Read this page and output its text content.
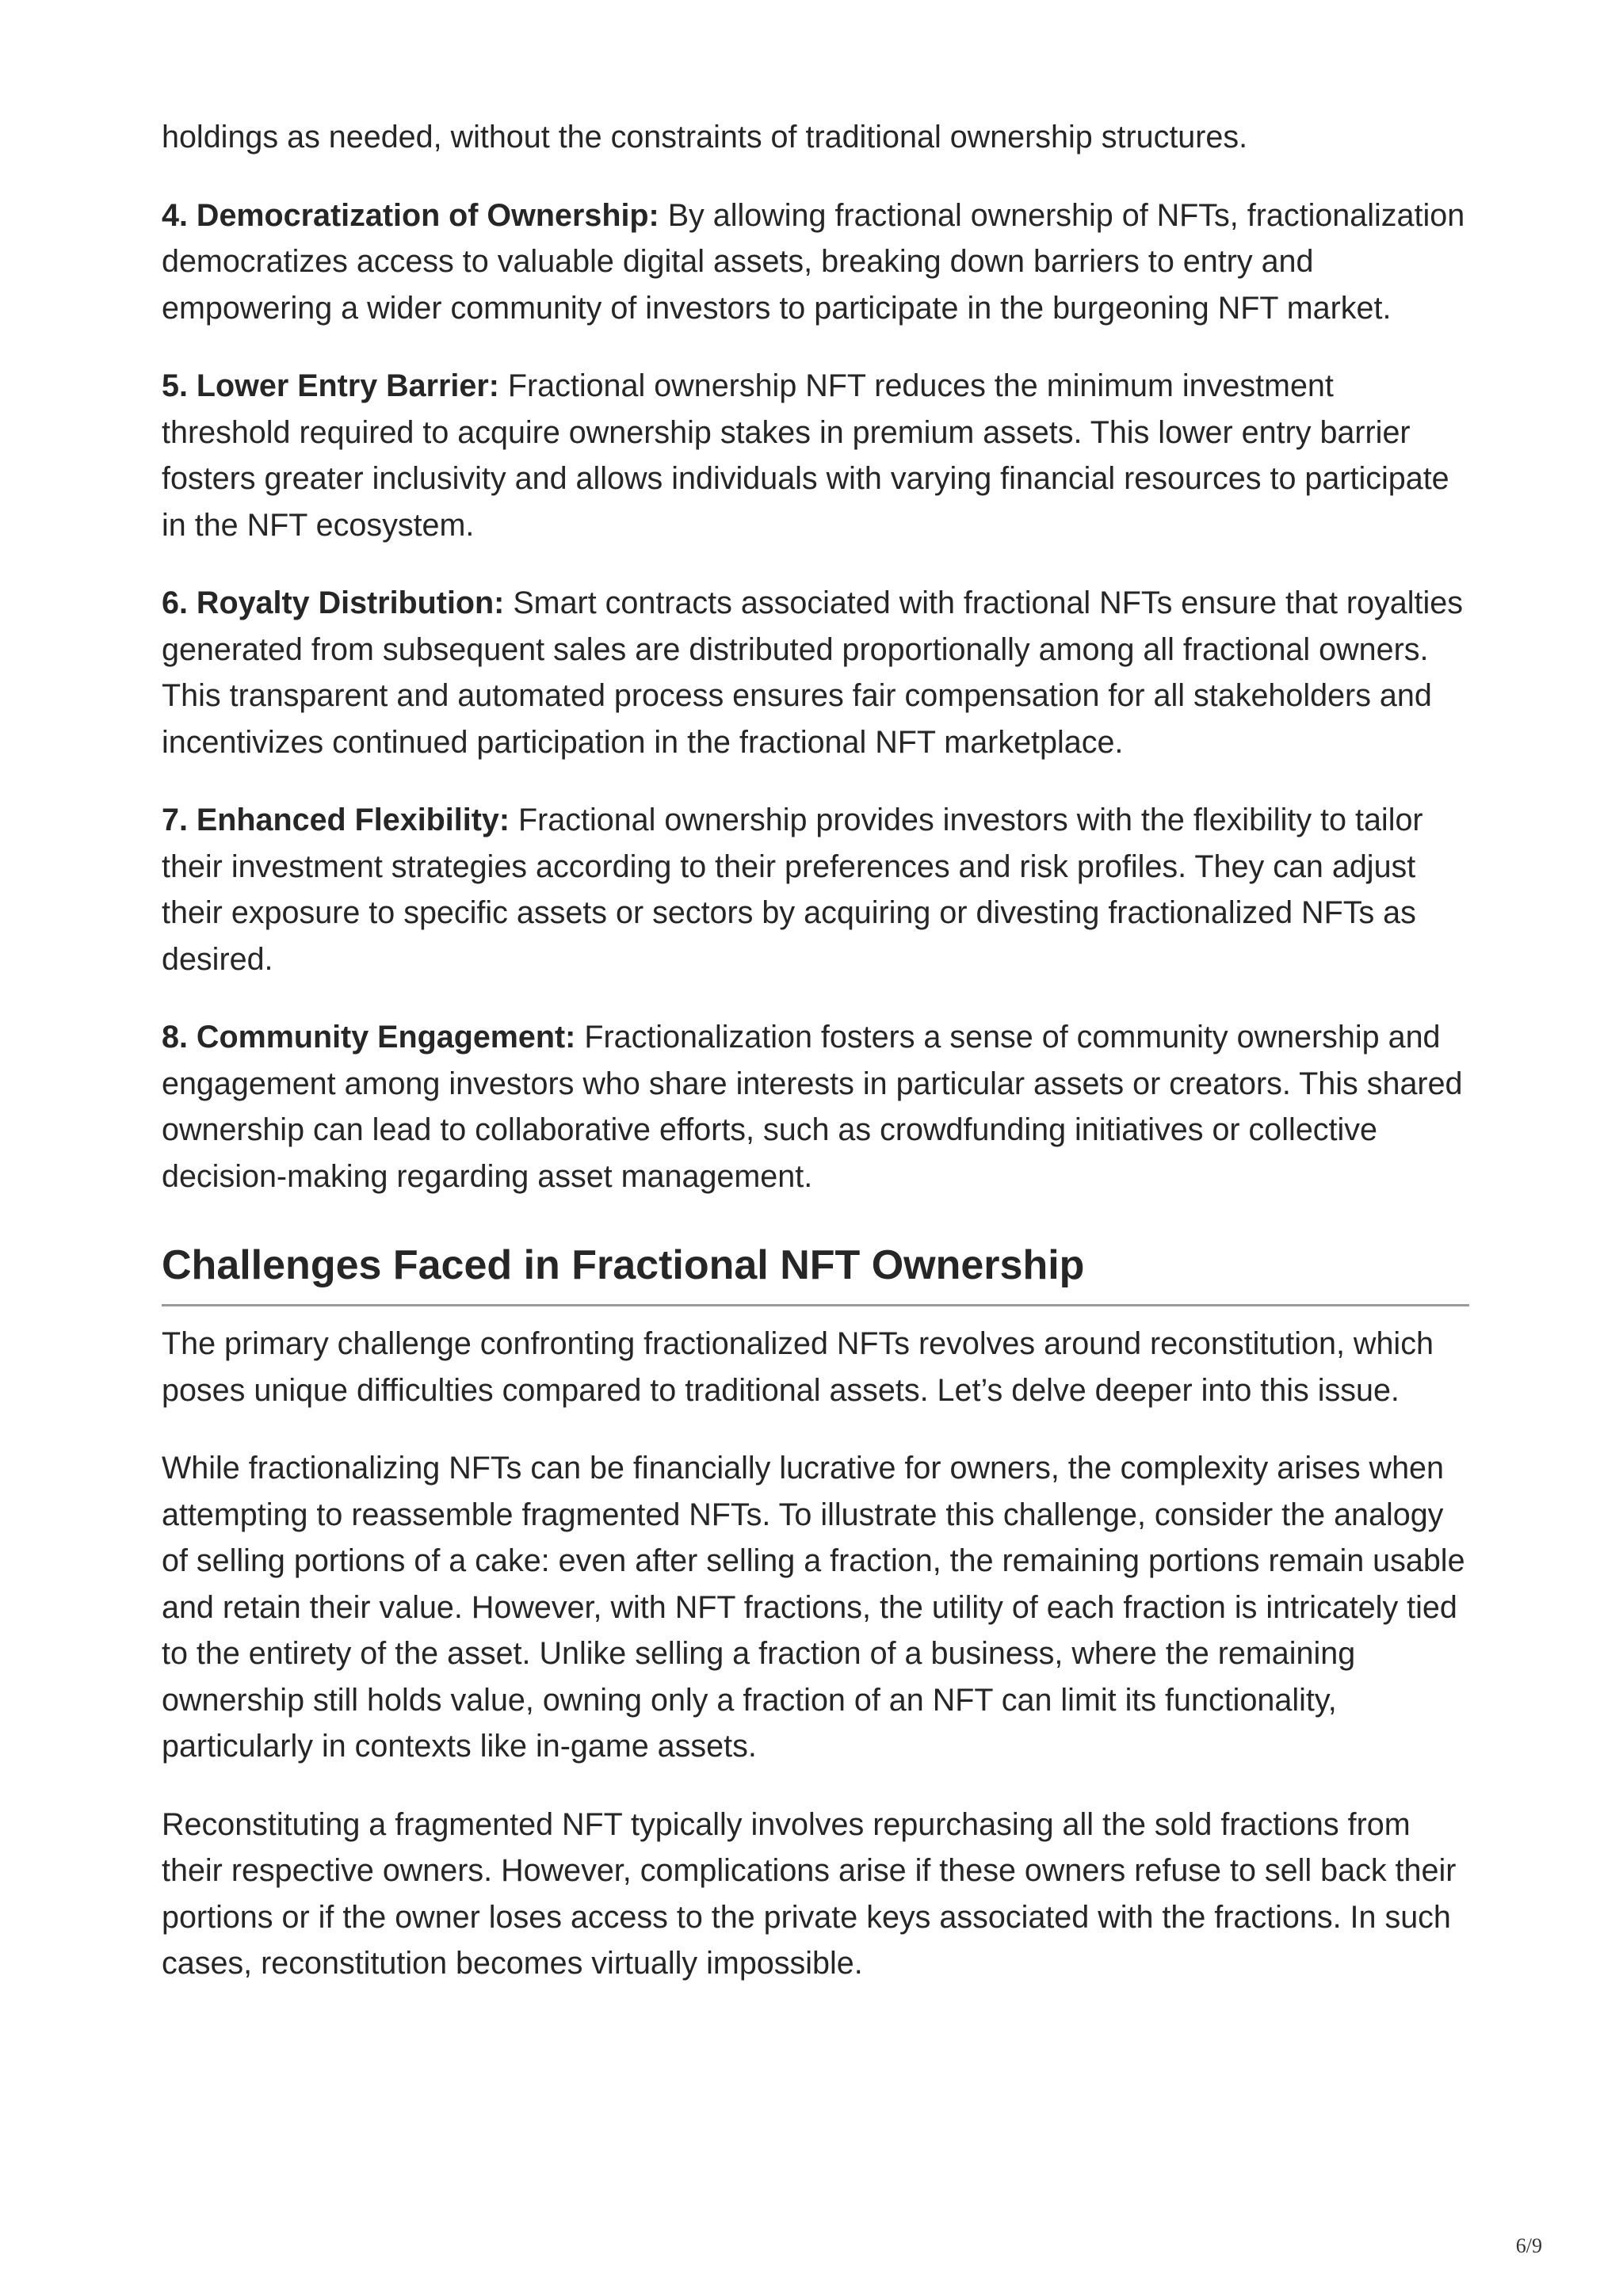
holdings as needed, without the constraints of traditional ownership structures.

4. Democratization of Ownership: By allowing fractional ownership of NFTs, fractionalization democratizes access to valuable digital assets, breaking down barriers to entry and empowering a wider community of investors to participate in the burgeoning NFT market.

5. Lower Entry Barrier: Fractional ownership NFT reduces the minimum investment threshold required to acquire ownership stakes in premium assets. This lower entry barrier fosters greater inclusivity and allows individuals with varying financial resources to participate in the NFT ecosystem.

6. Royalty Distribution: Smart contracts associated with fractional NFTs ensure that royalties generated from subsequent sales are distributed proportionally among all fractional owners. This transparent and automated process ensures fair compensation for all stakeholders and incentivizes continued participation in the fractional NFT marketplace.

7. Enhanced Flexibility: Fractional ownership provides investors with the flexibility to tailor their investment strategies according to their preferences and risk profiles. They can adjust their exposure to specific assets or sectors by acquiring or divesting fractionalized NFTs as desired.

8. Community Engagement: Fractionalization fosters a sense of community ownership and engagement among investors who share interests in particular assets or creators. This shared ownership can lead to collaborative efforts, such as crowdfunding initiatives or collective decision-making regarding asset management.

Challenges Faced in Fractional NFT Ownership

The primary challenge confronting fractionalized NFTs revolves around reconstitution, which poses unique difficulties compared to traditional assets. Let’s delve deeper into this issue.

While fractionalizing NFTs can be financially lucrative for owners, the complexity arises when attempting to reassemble fragmented NFTs. To illustrate this challenge, consider the analogy of selling portions of a cake: even after selling a fraction, the remaining portions remain usable and retain their value. However, with NFT fractions, the utility of each fraction is intricately tied to the entirety of the asset. Unlike selling a fraction of a business, where the remaining ownership still holds value, owning only a fraction of an NFT can limit its functionality, particularly in contexts like in-game assets.

Reconstituting a fragmented NFT typically involves repurchasing all the sold fractions from their respective owners. However, complications arise if these owners refuse to sell back their portions or if the owner loses access to the private keys associated with the fractions. In such cases, reconstitution becomes virtually impossible.

6/9
